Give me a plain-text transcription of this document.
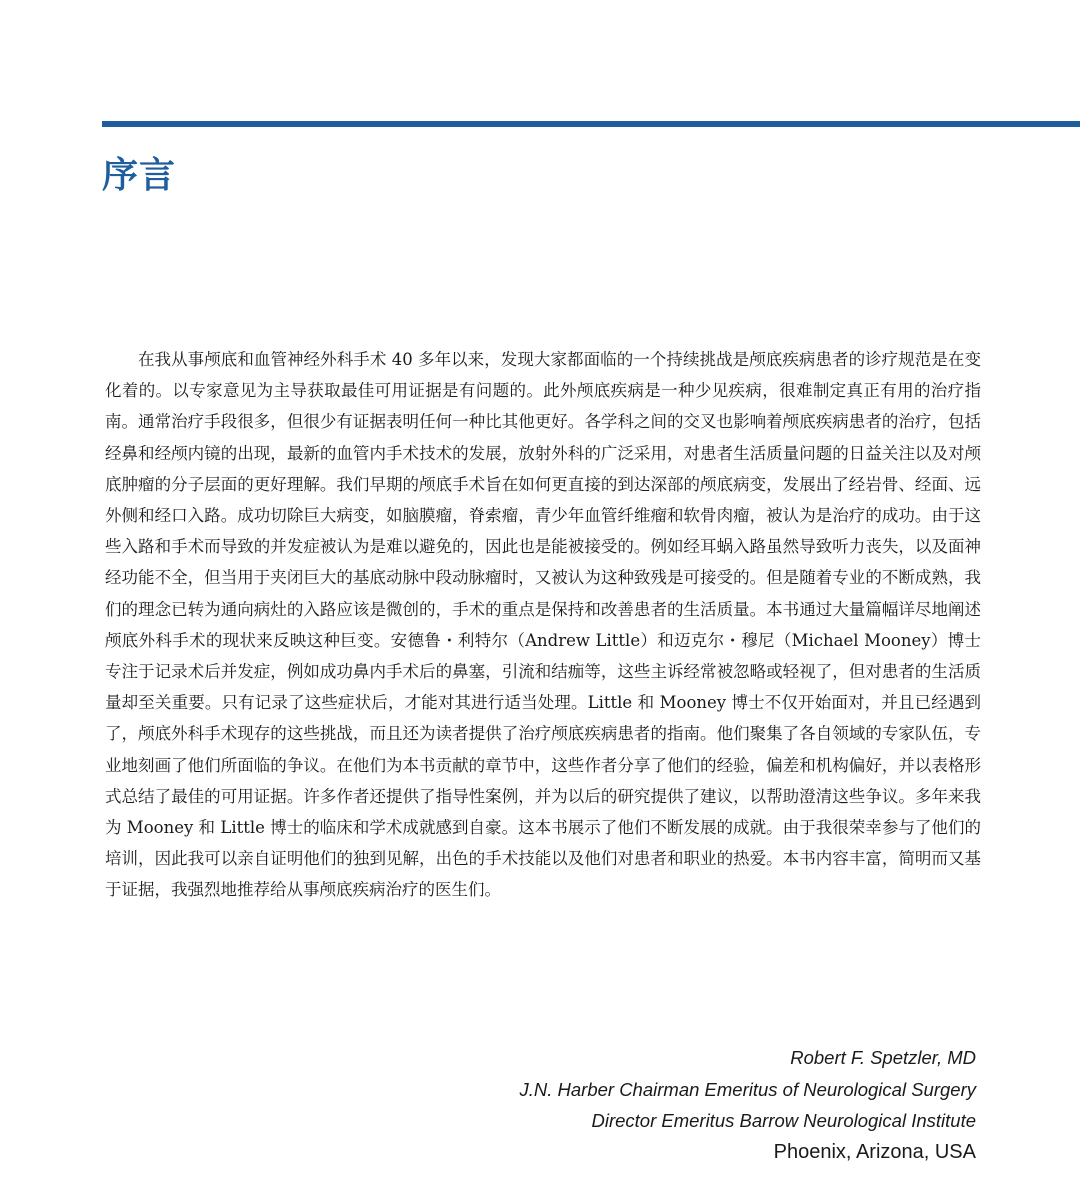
序言

在我从事颅底和血管神经外科手术 40 多年以来，发现大家都面临的一个持续挑战是颅底疾病患者的诊疗规范是在变化着的。以专家意见为主导获取最佳可用证据是有问题的。此外颅底疾病是一种少见疾病，很难制定真正有用的治疗指南。通常治疗手段很多，但很少有证据表明任何一种比其他更好。各学科之间的交叉也影响着颅底疾病患者的治疗，包括经鼻和经颅内镜的出现，最新的血管内手术技术的发展，放射外科的广泛采用，对患者生活质量问题的日益关注以及对颅底肿瘤的分子层面的更好理解。我们早期的颅底手术旨在如何更直接的到达深部的颅底病变，发展出了经岩骨、经面、远外侧和经口入路。成功切除巨大病变，如脑膜瘤，脊索瘤，青少年血管纤维瘤和软骨肉瘤，被认为是治疗的成功。由于这些入路和手术而导致的并发症被认为是难以避免的，因此也是能被接受的。例如经耳蜗入路虽然导致听力丧失，以及面神经功能不全，但当用于夹闭巨大的基底动脉中段动脉瘤时，又被认为这种致残是可接受的。但是随着专业的不断成熟，我们的理念已转为通向病灶的入路应该是微创的，手术的重点是保持和改善患者的生活质量。本书通过大量篇幅详尽地阐述颅底外科手术的现状来反映这种巨变。安德鲁・利特尔（Andrew Little）和迈克尔・穆尼（Michael Mooney）博士专注于记录术后并发症，例如成功鼻内手术后的鼻塞，引流和结痂等，这些主诉经常被忽略或轻视了，但对患者的生活质量却至关重要。只有记录了这些症状后，才能对其进行适当处理。Little 和 Mooney 博士不仅开始面对，并且已经遇到了，颅底外科手术现存的这些挑战，而且还为读者提供了治疗颅底疾病患者的指南。他们聚集了各自领域的专家队伍，专业地刻画了他们所面临的争议。在他们为本书贡献的章节中，这些作者分享了他们的经验，偏差和机构偏好，并以表格形式总结了最佳的可用证据。许多作者还提供了指导性案例，并为以后的研究提供了建议，以帮助澄清这些争议。多年来我为 Mooney 和 Little 博士的临床和学术成就感到自豪。这本书展示了他们不断发展的成就。由于我很荣幸参与了他们的培训，因此我可以亲自证明他们的独到见解，出色的手术技能以及他们对患者和职业的热爱。本书内容丰富，简明而又基于证据，我强烈地推荐给从事颅底疾病治疗的医生们。

Robert F. Spetzler, MD
J.N. Harber Chairman Emeritus of Neurological Surgery
Director Emeritus Barrow Neurological Institute
Phoenix, Arizona, USA
